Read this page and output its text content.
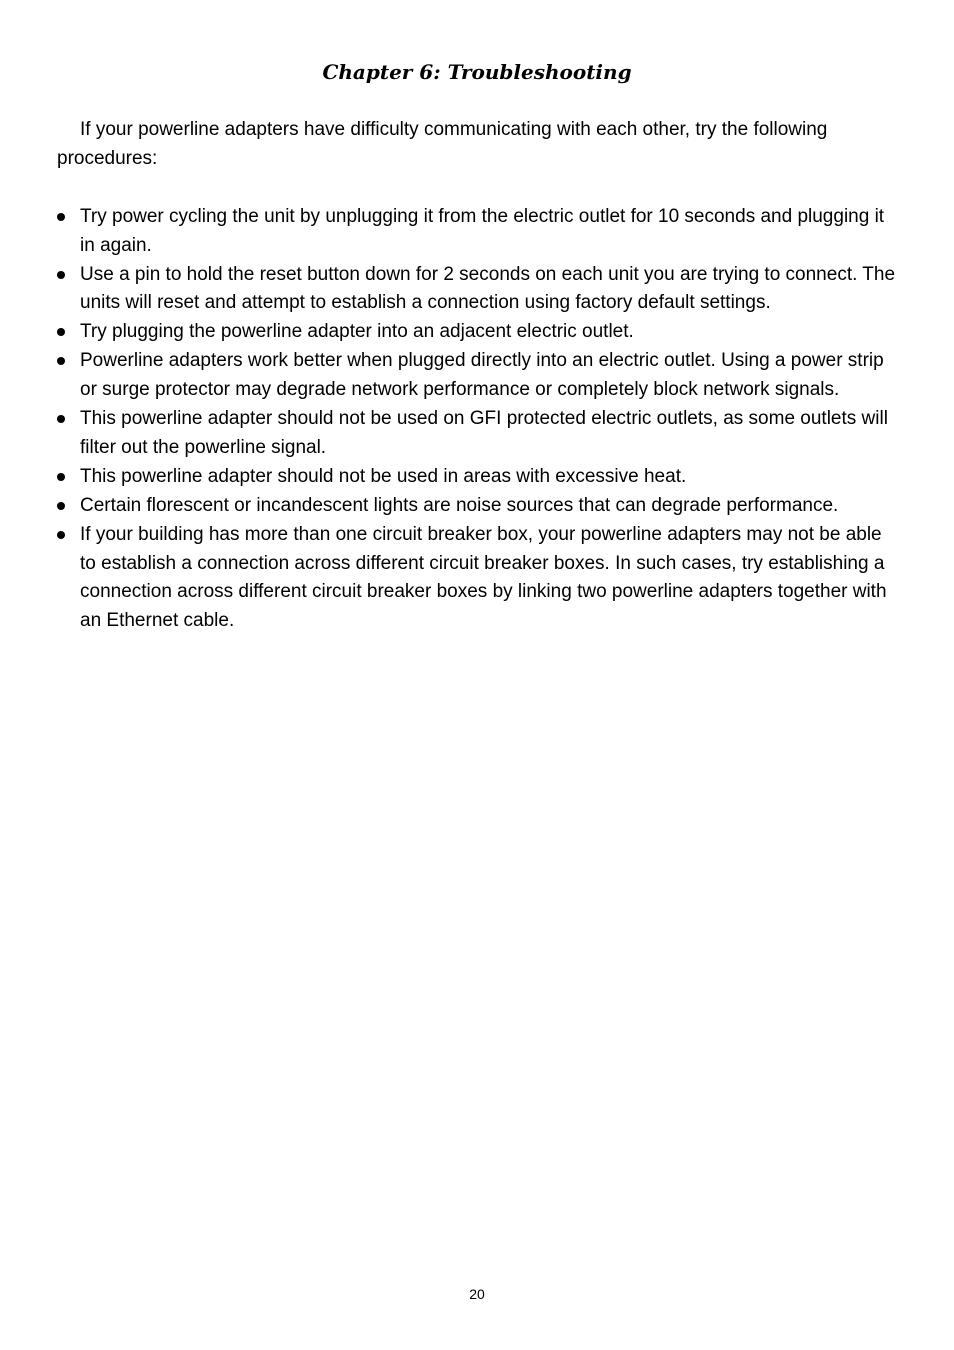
Chapter 6: Troubleshooting

If your powerline adapters have difficulty communicating with each other, try the following procedures:

Try power cycling the unit by unplugging it from the electric outlet for 10 seconds and plugging it in again.
Use a pin to hold the reset button down for 2 seconds on each unit you are trying to connect. The units will reset and attempt to establish a connection using factory default settings.
Try plugging the powerline adapter into an adjacent electric outlet.
Powerline adapters work better when plugged directly into an electric outlet. Using a power strip or surge protector may degrade network performance or completely block network signals.
This powerline adapter should not be used on GFI protected electric outlets, as some outlets will filter out the powerline signal.
This powerline adapter should not be used in areas with excessive heat.
Certain florescent or incandescent lights are noise sources that can degrade performance.
If your building has more than one circuit breaker box, your powerline adapters may not be able to establish a connection across different circuit breaker boxes. In such cases, try establishing a connection across different circuit breaker boxes by linking two powerline adapters together with an Ethernet cable.
20
